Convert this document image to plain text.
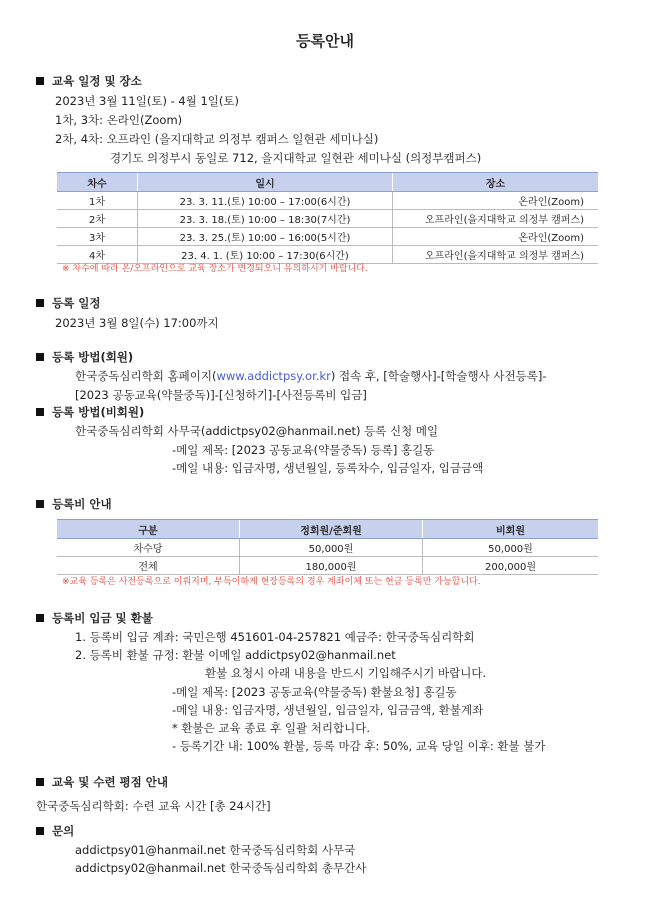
등록안내
교육 일정 및 장소
2023년 3월 11일(토) - 4월 1일(토)
1차, 3차: 온라인(Zoom)
2차, 4차: 오프라인 (을지대학교 의정부 캠퍼스 일현관 세미나실)
경기도 의정부시 동일로 712, 을지대학교 일현관 세미나실 (의정부캠퍼스)
차수	일시	장소
1차	23. 3. 11.(토) 10:00 – 17:00(6시간)	온라인(Zoom)
2차	23. 3. 18.(토) 10:00 – 18:30(7시간)	오프라인(을지대학교 의정부 캠퍼스)
3차	23. 3. 25.(토) 10:00 – 16:00(5시간)	온라인(Zoom)
4차	23. 4. 1. (토) 10:00 – 17:30(6시간)	오프라인(을지대학교 의정부 캠퍼스)
※ 차수에 따라 온/오프라인으로 교육 장소가 변경되오니 유의하시기 바랍니다.
등록 일정
2023년 3월 8일(수) 17:00까지
등록 방법(회원)
한국중독심리학회 홈페이지(www.addictpsy.or.kr) 접속 후, [학술행사]-[학술행사 사전등록]-
[2023 공동교육(약물중독)]-[신청하기]-[사전등록비 입금]
등록 방법(비회원)
한국중독심리학회 사무국(addictpsy02@hanmail.net) 등록 신청 메일
-메일 제목: [2023 공동교육(약물중독) 등록] 홍길동
-메일 내용: 입금자명, 생년월일, 등록차수, 입금일자, 입금금액
등록비 안내
구분	정회원/준회원	비회원
차수당	50,000원	50,000원
전체	180,000원	200,000원
※교육 등록은 사전등록으로 이뤄지며, 부득이하게 현장등록의 경우 계좌이체 또는 현금 등록만 가능합니다.
등록비 입금 및 환불
1. 등록비 입금 계좌: 국민은행 451601-04-257821 예금주: 한국중독심리학회
2. 등록비 환불 규정: 환불 이메일 addictpsy02@hanmail.net
환불 요청시 아래 내용을 반드시 기입해주시기 바랍니다.
-메일 제목: [2023 공동교육(약물중독) 환불요청] 홍길동
-메일 내용: 입금자명, 생년월일, 입금일자, 입금금액, 환불계좌
* 환불은 교육 종료 후 일괄 처리합니다.
- 등록기간 내: 100% 환불, 등록 마감 후: 50%, 교육 당일 이후: 환불 불가
교육 및 수련 평점 안내
한국중독심리학회: 수련 교육 시간 [총 24시간]
문의
addictpsy01@hanmail.net 한국중독심리학회 사무국
addictpsy02@hanmail.net 한국중독심리학회 총무간사
